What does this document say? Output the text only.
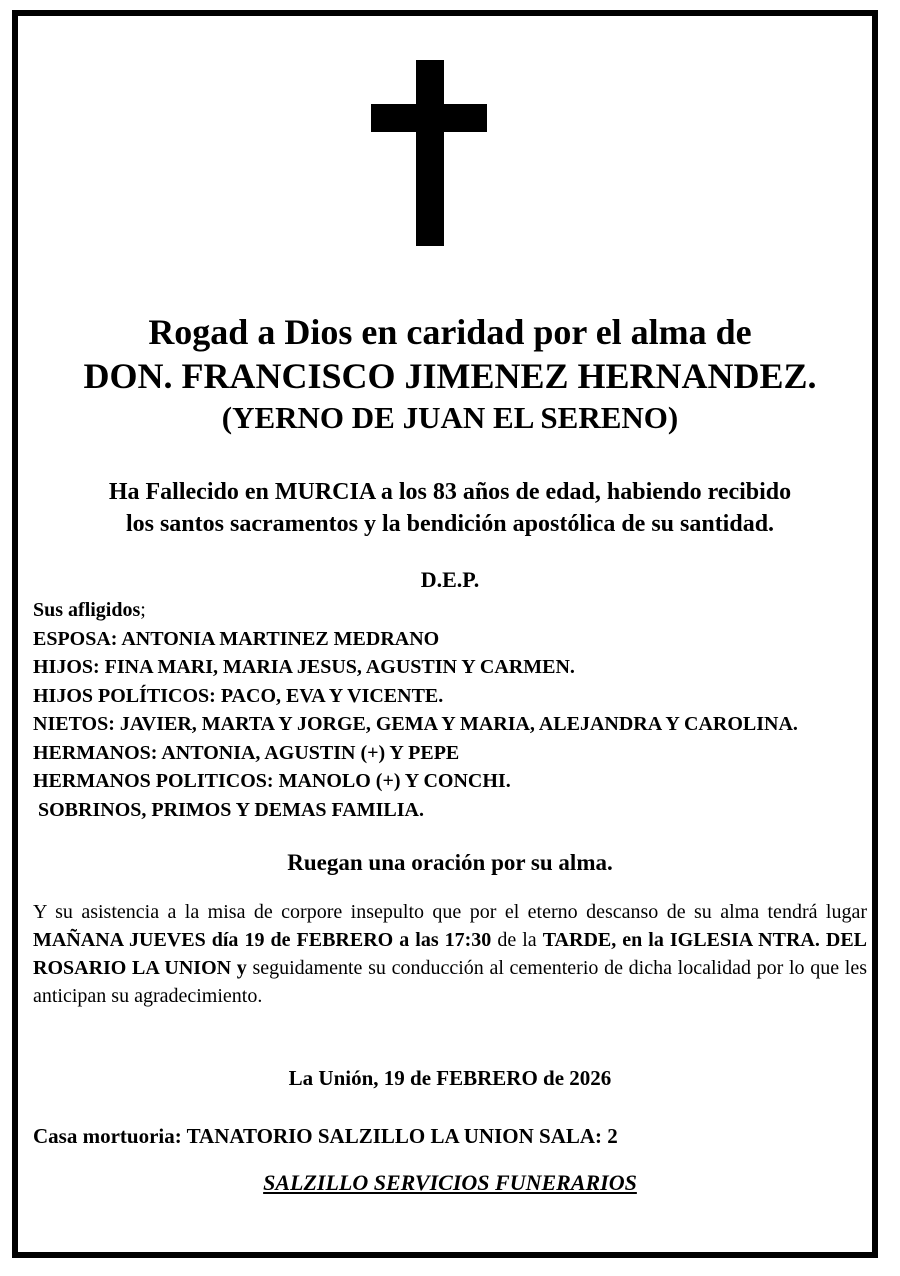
Rogad a Dios en caridad por el alma de
DON. FRANCISCO JIMENEZ HERNANDEZ.
(YERNO DE JUAN EL SERENO)
Ha Fallecido en MURCIA a los 83 años de edad, habiendo recibido
los santos sacramentos y la bendición apostólica de su santidad.
D.E.P.
Sus afligidos;
ESPOSA: ANTONIA MARTINEZ MEDRANO
HIJOS: FINA MARI, MARIA JESUS, AGUSTIN Y CARMEN.
HIJOS POLÍTICOS: PACO, EVA Y VICENTE.
NIETOS: JAVIER, MARTA Y JORGE, GEMA Y MARIA, ALEJANDRA Y CAROLINA.
HERMANOS: ANTONIA, AGUSTIN (+) Y PEPE
HERMANOS POLITICOS: MANOLO (+) Y CONCHI.
SOBRINOS, PRIMOS Y DEMAS FAMILIA.
Ruegan una oración por su alma.
Y su asistencia a la misa de corpore insepulto que por el eterno descanso de su alma tendrá lugar MAÑANA JUEVES día 19 de FEBRERO a las 17:30 de la TARDE, en la IGLESIA NTRA. DEL ROSARIO LA UNION y seguidamente su conducción al cementerio de dicha localidad por lo que les anticipan su agradecimiento.
La Unión, 19 de FEBRERO de 2026
Casa mortuoria: TANATORIO SALZILLO LA UNION SALA: 2
SALZILLO SERVICIOS FUNERARIOS
